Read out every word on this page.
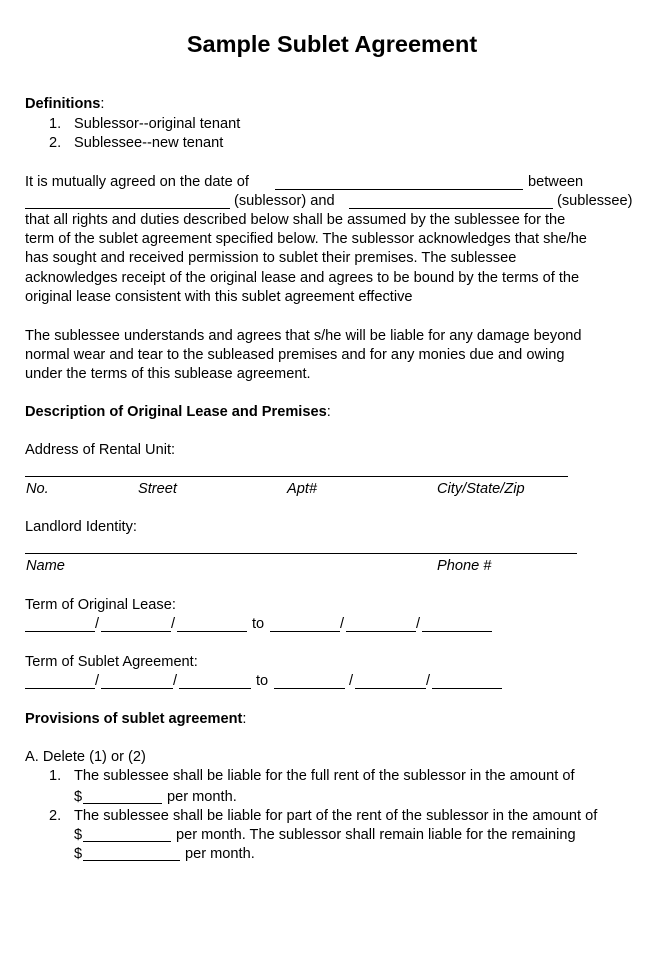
Sample Sublet Agreement
Definitions:
1. Sublessor--original tenant
2. Sublessee--new tenant
It is mutually agreed on the date of	between
(sublessor) and	(sublessee)
that all rights and duties described below shall be assumed by the sublessee for the
term of the sublet agreement specified below. The sublessor acknowledges that she/he
has sought and received permission to sublet their premises. The sublessee
acknowledges receipt of the original lease and agrees to be bound by the terms of the
original lease consistent with this sublet agreement effective
The sublessee understands and agrees that s/he will be liable for any damage beyond
normal wear and tear to the subleased premises and for any monies due and owing
under the terms of this sublease agreement.
Description of Original Lease and Premises:
Address of Rental Unit:
No.	Street	Apt#	City/State/Zip
Landlord Identity:
Name	Phone #
Term of Original Lease:
/	/	to	/	/
Term of Sublet Agreement:
/	/	to	/	/
Provisions of sublet agreement:
A. Delete (1) or (2)
1. The sublessee shall be liable for the full rent of the sublessor in the amount of
$	per month.
2. The sublessee shall be liable for part of the rent of the sublessor in the amount of
$	per month. The sublessor shall remain liable for the remaining
$	per month.
